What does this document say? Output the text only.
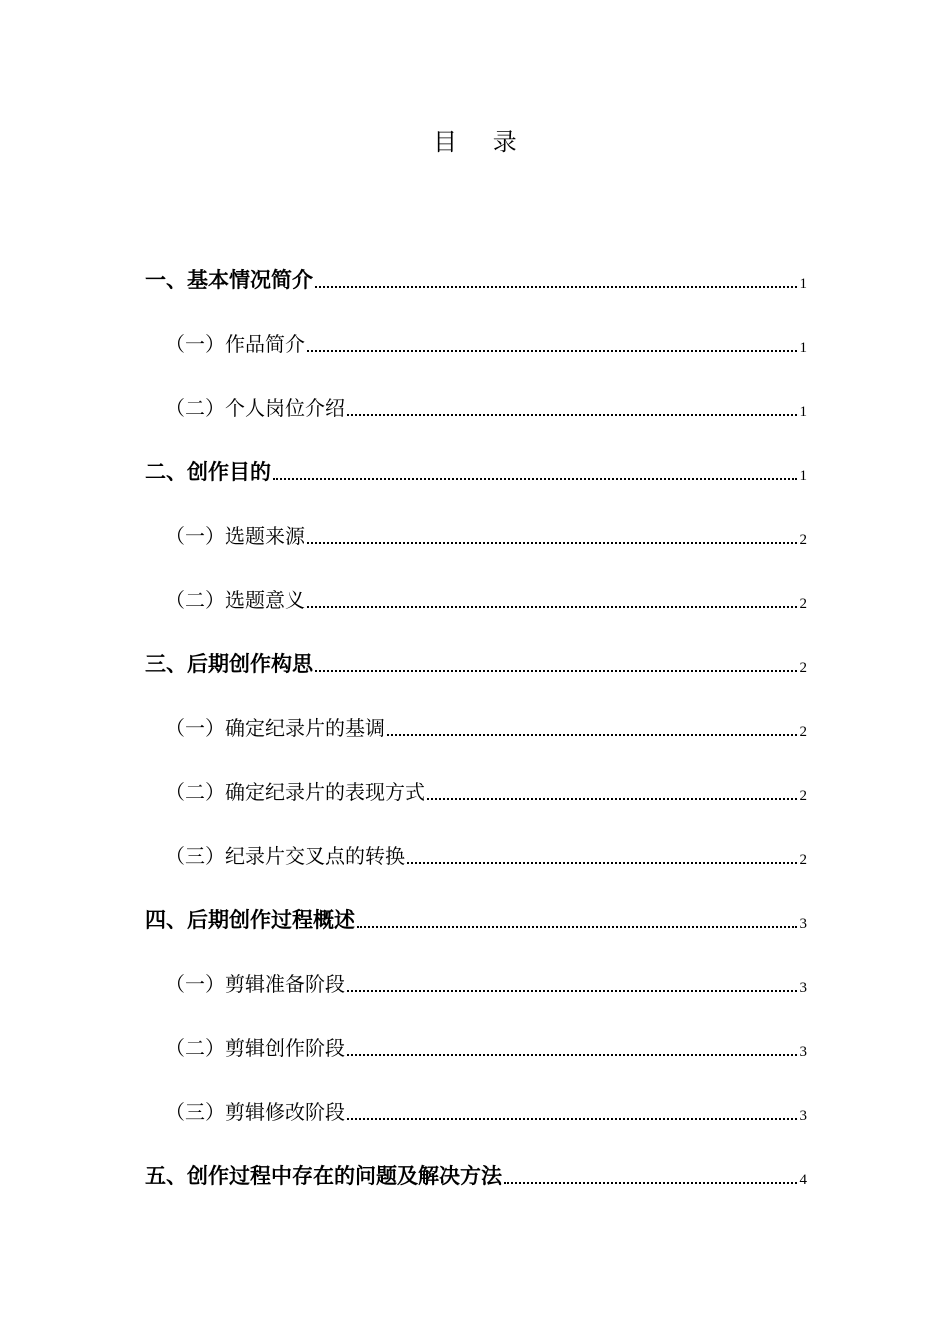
目 录
一、基本情况简介	1
（一）作品简介	1
（二）个人岗位介绍	1
二、创作目的	1
（一）选题来源	2
（二）选题意义	2
三、后期创作构思	2
（一）确定纪录片的基调	2
（二）确定纪录片的表现方式	2
（三）纪录片交叉点的转换	2
四、后期创作过程概述	3
（一）剪辑准备阶段	3
（二）剪辑创作阶段	3
（三）剪辑修改阶段	3
五、创作过程中存在的问题及解决方法	4
